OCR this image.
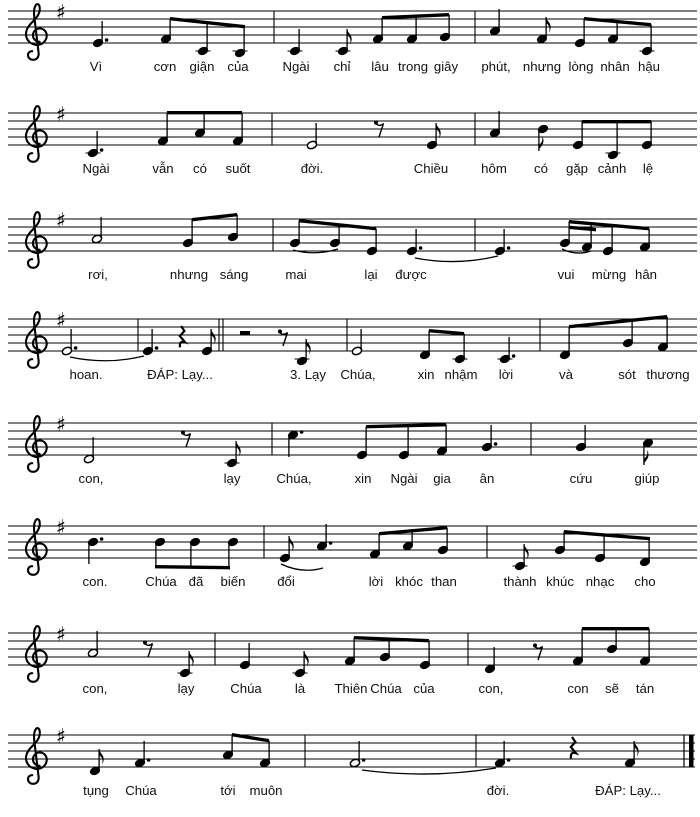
♯
Vì	cơn giận của	Ngài chỉ lâu trong giây phút, nhưng lòng nhân hậu
♯
Ngài	vẫn có suốt	đời.	Chiều hôm có gặp cảnh lệ
♯
rơi,	nhưng sáng	mai	lại được	vui mừng hân
♯
hoan.	ĐÁP: Lạy...	3. Lạy Chúa,	xin nhậm lời	và	sót thương
♯
con,	lạy	Chúa,	xin Ngài gia ân	cứu	giúp
♯
con.	Chúa đã biến đổi	lời khóc than	thành khúc nhạc cho
♯
con,	lạy	Chúa	là Thiên Chúa của	con,	con sẽ tán
♯
tụng Chúa	tới muôn	đời.	ĐÁP: Lạy...
